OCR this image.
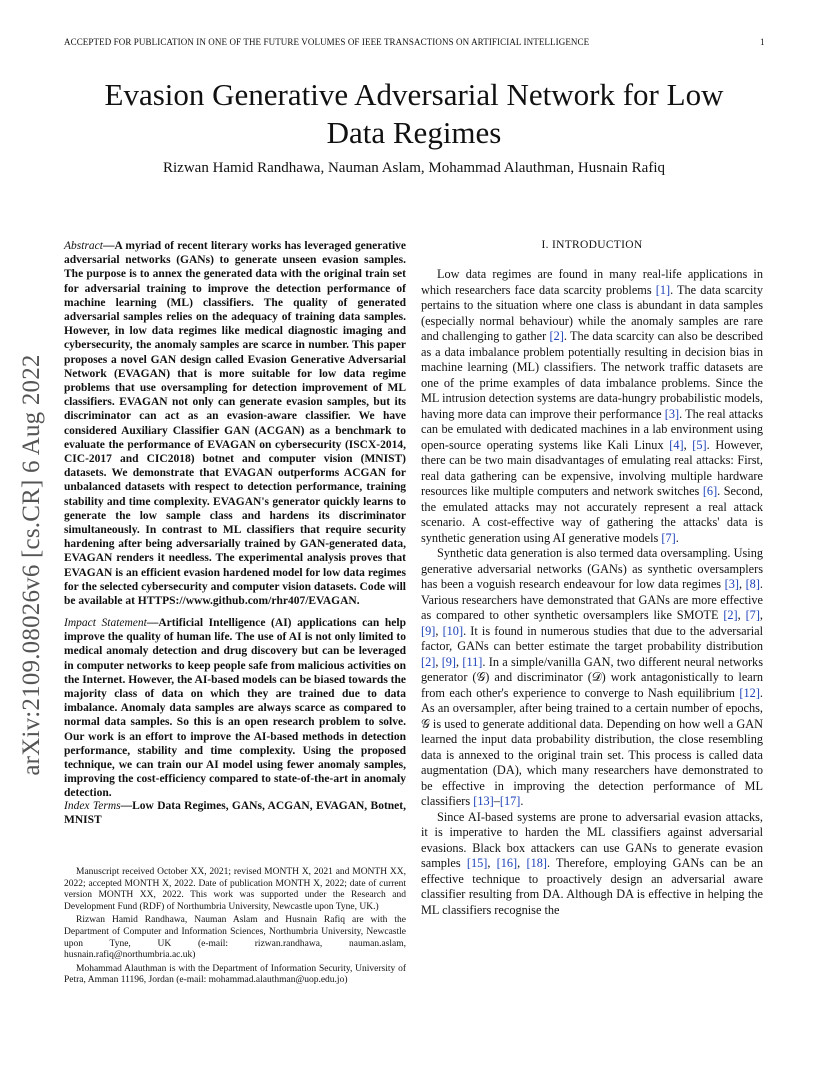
ACCEPTED FOR PUBLICATION IN ONE OF THE FUTURE VOLUMES OF IEEE TRANSACTIONS ON ARTIFICIAL INTELLIGENCE	1
Evasion Generative Adversarial Network for Low
Data Regimes
Rizwan Hamid Randhawa, Nauman Aslam, Mohammad Alauthman, Husnain Rafiq
arXiv:2109.08026v6 [cs.CR] 6 Aug 2022
Abstract—A myriad of recent literary works has leveraged generative adversarial networks (GANs) to generate unseen evasion samples. The purpose is to annex the generated data with the original train set for adversarial training to improve the detection performance of machine learning (ML) classifiers. The quality of generated adversarial samples relies on the adequacy of training data samples. However, in low data regimes like medical diagnostic imaging and cybersecurity, the anomaly samples are scarce in number. This paper proposes a novel GAN design called Evasion Generative Adversarial Network (EVAGAN) that is more suitable for low data regime problems that use oversampling for detection improvement of ML classifiers. EVAGAN not only can generate evasion samples, but its discriminator can act as an evasion-aware classifier. We have considered Auxiliary Classifier GAN (ACGAN) as a benchmark to evaluate the performance of EVAGAN on cybersecurity (ISCX-2014, CIC-2017 and CIC2018) botnet and computer vision (MNIST) datasets. We demonstrate that EVAGAN outperforms ACGAN for unbalanced datasets with respect to detection performance, training stability and time complexity. EVAGAN's generator quickly learns to generate the low sample class and hardens its discriminator simultaneously. In contrast to ML classifiers that require security hardening after being adversarially trained by GAN-generated data, EVAGAN renders it needless. The experimental analysis proves that EVAGAN is an efficient evasion hardened model for low data regimes for the selected cybersecurity and computer vision datasets. Code will be available at HTTPS://www.github.com/rhr407/EVAGAN.
Impact Statement—Artificial Intelligence (AI) applications can help improve the quality of human life. The use of AI is not only limited to medical anomaly detection and drug discovery but can be leveraged in computer networks to keep people safe from malicious activities on the Internet. However, the AI-based models can be biased towards the majority class of data on which they are trained due to data imbalance. Anomaly data samples are always scarce as compared to normal data samples. So this is an open research problem to solve. Our work is an effort to improve the AI-based methods in detection performance, stability and time complexity. Using the proposed technique, we can train our AI model using fewer anomaly samples, improving the cost-efficiency compared to state-of-the-art in anomaly detection.
Index Terms—Low Data Regimes, GANs, ACGAN, EVAGAN, Botnet, MNIST

Manuscript received October XX, 2021; revised MONTH X, 2021 and MONTH XX, 2022; accepted MONTH X, 2022. Date of publication MONTH X, 2022; date of current version MONTH XX, 2022. This work was supported under the Research and Development Fund (RDF) of Northumbria University, Newcastle upon Tyne, UK.)

Rizwan Hamid Randhawa, Nauman Aslam and Husnain Rafiq are with the Department of Computer and Information Sciences, Northumbria University, Newcastle upon Tyne, UK (e-mail: rizwan.randhawa, nauman.aslam, husnain.rafiq@northumbria.ac.uk)

Mohammad Alauthman is with the Department of Information Security, University of Petra, Amman 11196, Jordan (e-mail: mohammad.alauthman@uop.edu.jo)

I. INTRODUCTION

Low data regimes are found in many real-life applications in which researchers face data scarcity problems [1]. The data scarcity pertains to the situation where one class is abundant in data samples (especially normal behaviour) while the anomaly samples are rare and challenging to gather [2]. The data scarcity can also be described as a data imbalance problem potentially resulting in decision bias in machine learning (ML) classifiers. The network traffic datasets are one of the prime examples of data imbalance problems. Since the ML intrusion detection systems are data-hungry probabilistic models, having more data can improve their performance [3]. The real attacks can be emulated with dedicated machines in a lab environment using open-source operating systems like Kali Linux [4], [5]. However, there can be two main disadvantages of emulating real attacks: First, real data gathering can be expensive, involving multiple hardware resources like multiple computers and network switches [6]. Second, the emulated attacks may not accurately represent a real attack scenario. A cost-effective way of gathering the attacks' data is synthetic generation using AI generative models [7].

Synthetic data generation is also termed data oversampling. Using generative adversarial networks (GANs) as synthetic oversamplers has been a voguish research endeavour for low data regimes [3], [8]. Various researchers have demonstrated that GANs are more effective as compared to other synthetic oversamplers like SMOTE [2], [7], [9], [10]. It is found in numerous studies that due to the adversarial factor, GANs can better estimate the target probability distribution [2], [9], [11]. In a simple/vanilla GAN, two different neural networks generator (𝒢) and discriminator (𝒟) work antagonistically to learn from each other's experience to converge to Nash equilibrium [12]. As an oversampler, after being trained to a certain number of epochs, 𝒢 is used to generate additional data. Depending on how well a GAN learned the input data probability distribution, the close resembling data is annexed to the original train set. This process is called data augmentation (DA), which many researchers have demonstrated to be effective in improving the detection performance of ML classifiers [13]–[17].

Since AI-based systems are prone to adversarial evasion attacks, it is imperative to harden the ML classifiers against adversarial evasions. Black box attackers can use GANs to generate evasion samples [15], [16], [18]. Therefore, employing GANs can be an effective technique to proactively design an adversarial aware classifier resulting from DA. Although DA is effective in helping the ML classifiers recognise the
